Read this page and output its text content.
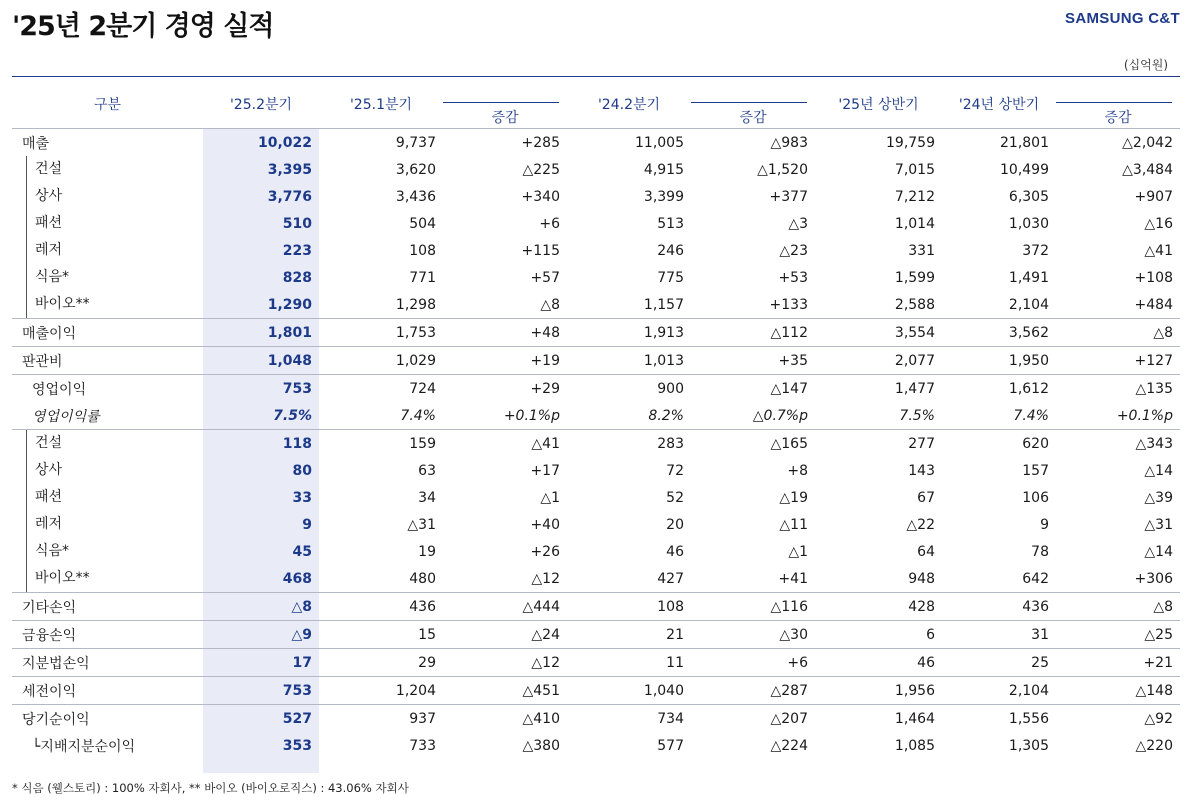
'25년 2분기 경영 실적	SAMSUNG C&T
(십억원)
구분	'25.2분기	'25.1분기	증감	'24.2분기	증감	'25년 상반기	'24년 상반기	증감

매출	10,022	9,737	+285	11,005	△983	19,759	21,801	△2,042
건설	3,395	3,620	△225	4,915	△1,520	7,015	10,499	△3,484
상사	3,776	3,436	+340	3,399	+377	7,212	6,305	+907
패션	510	504	+6	513	△3	1,014	1,030	△16
레저	223	108	+115	246	△23	331	372	△41
식음*	828	771	+57	775	+53	1,599	1,491	+108
바이오**	1,290	1,298	△8	1,157	+133	2,588	2,104	+484
매출이익	1,801	1,753	+48	1,913	△112	3,554	3,562	△8
판관비	1,048	1,029	+19	1,013	+35	2,077	1,950	+127
영업이익	753	724	+29	900	△147	1,477	1,612	△135
영업이익률	7.5%	7.4%	+0.1%p	8.2%	△0.7%p	7.5%	7.4%	+0.1%p
건설	118	159	△41	283	△165	277	620	△343
상사	80	63	+17	72	+8	143	157	△14
패션	33	34	△1	52	△19	67	106	△39
레저	9	△31	+40	20	△11	△22	9	△31
식음*	45	19	+26	46	△1	64	78	△14
바이오**	468	480	△12	427	+41	948	642	+306
기타손익	△8	436	△444	108	△116	428	436	△8
금융손익	△9	15	△24	21	△30	6	31	△25
지분법손익	17	29	△12	11	+6	46	25	+21
세전이익	753	1,204	△451	1,040	△287	1,956	2,104	△148
당기순이익	527	937	△410	734	△207	1,464	1,556	△92
└지배지분순이익	353	733	△380	577	△224	1,085	1,305	△220
* 식음 (웰스토리) : 100% 자회사, ** 바이오 (바이오로직스) : 43.06% 자회사
